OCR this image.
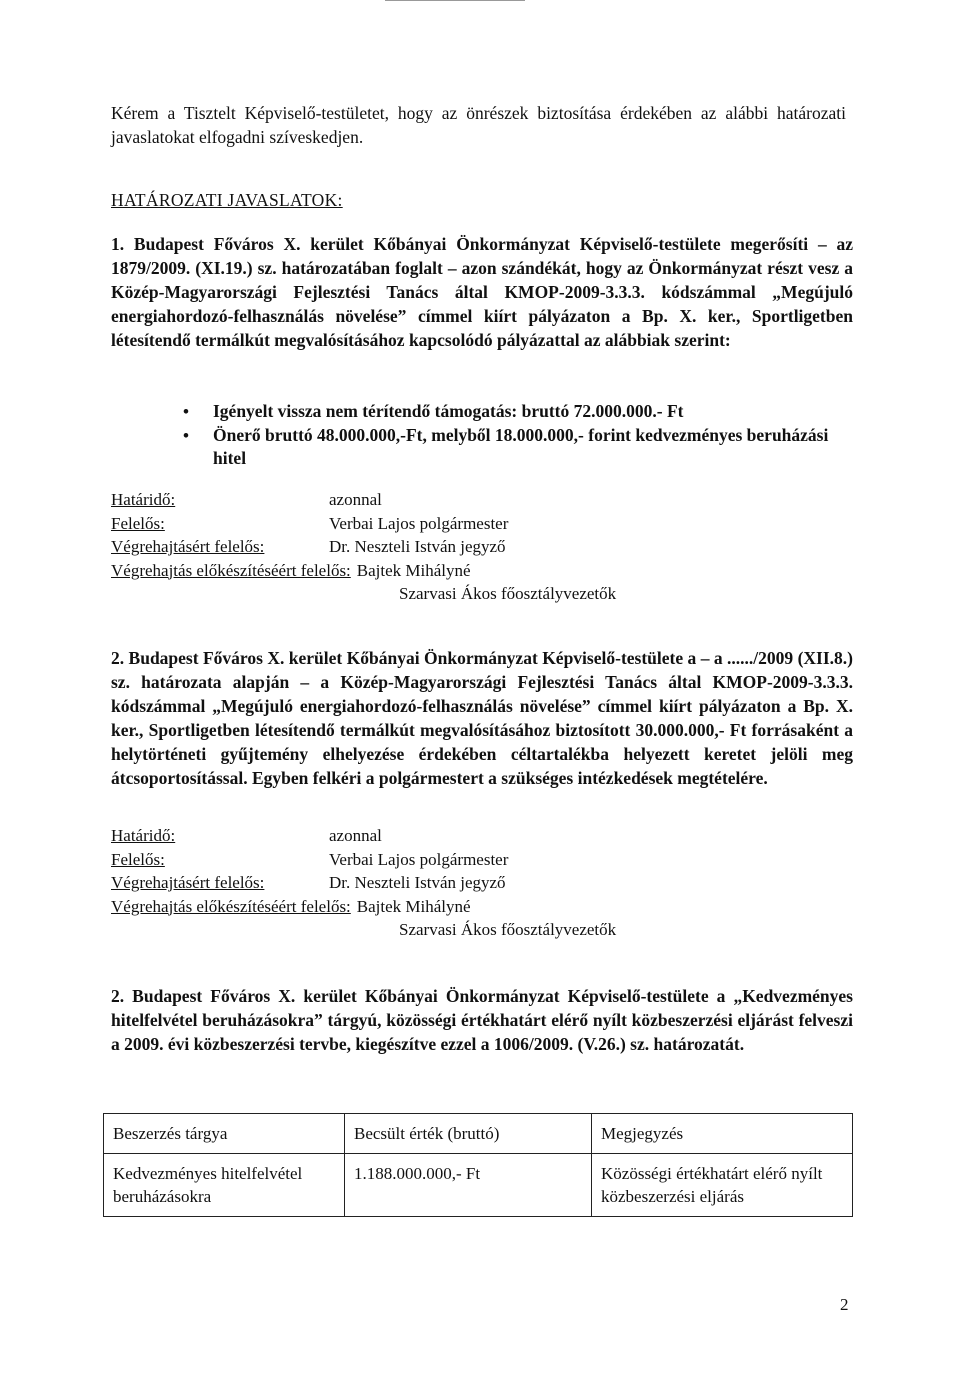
Kérem a Tisztelt Képviselő-testületet, hogy az önrészek biztosítása érdekében az alábbi határozati javaslatokat elfogadni szíveskedjen.
HATÁROZATI JAVASLATOK:
1. Budapest Főváros X. kerület Kőbányai Önkormányzat Képviselő-testülete megerősíti – az 1879/2009. (XI.19.) sz. határozatában foglalt – azon szándékát, hogy az Önkormányzat részt vesz a Közép-Magyarországi Fejlesztési Tanács által KMOP-2009-3.3.3. kódszámmal „Megújuló energiahordozó-felhasználás növelése” címmel kiírt pályázaton a Bp. X. ker., Sportligetben létesítendő termálkút megvalósításához kapcsolódó pályázattal az alábbiak szerint:
• Igényelt vissza nem térítendő támogatás: bruttó 72.000.000.- Ft
• Önerő bruttó 48.000.000,-Ft, melyből 18.000.000,- forint kedvezményes beruházási hitel
Határidő:	azonnal
Felelős:	Verbai Lajos polgármester
Végrehajtásért felelős:	Dr. Neszteli István jegyző
Végrehajtás előkészítéséért felelős: Bajtek Mihályné
Szarvasi Ákos főosztályvezetők
2. Budapest Főváros X. kerület Kőbányai Önkormányzat Képviselő-testülete a – a ....../2009 (XII.8.) sz. határozata alapján – a Közép-Magyarországi Fejlesztési Tanács által KMOP-2009-3.3.3. kódszámmal „Megújuló energiahordozó-felhasználás növelése” címmel kiírt pályázaton a Bp. X. ker., Sportligetben létesítendő termálkút megvalósításához biztosított 30.000.000,- Ft forrásaként a helytörténeti gyűjtemény elhelyezése érdekében céltartalékba helyezett keretet jelöli meg átcsoportosítással. Egyben felkéri a polgármestert a szükséges intézkedések megtételére.
Határidő:	azonnal
Felelős:	Verbai Lajos polgármester
Végrehajtásért felelős:	Dr. Neszteli István jegyző
Végrehajtás előkészítéséért felelős: Bajtek Mihályné
Szarvasi Ákos főosztályvezetők
2. Budapest Főváros X. kerület Kőbányai Önkormányzat Képviselő-testülete a „Kedvezményes hitelfelvétel beruházásokra” tárgyú, közösségi értékhatárt elérő nyílt közbeszerzési eljárást felveszi a 2009. évi közbeszerzési tervbe, kiegészítve ezzel a 1006/2009. (V.26.) sz. határozatát.
Beszerzés tárgya	Becsült érték (bruttó)	Megjegyzés
Kedvezményes hitelfelvétel beruházásokra	1.188.000.000,- Ft	Közösségi értékhatárt elérő nyílt közbeszerzési eljárás
2
